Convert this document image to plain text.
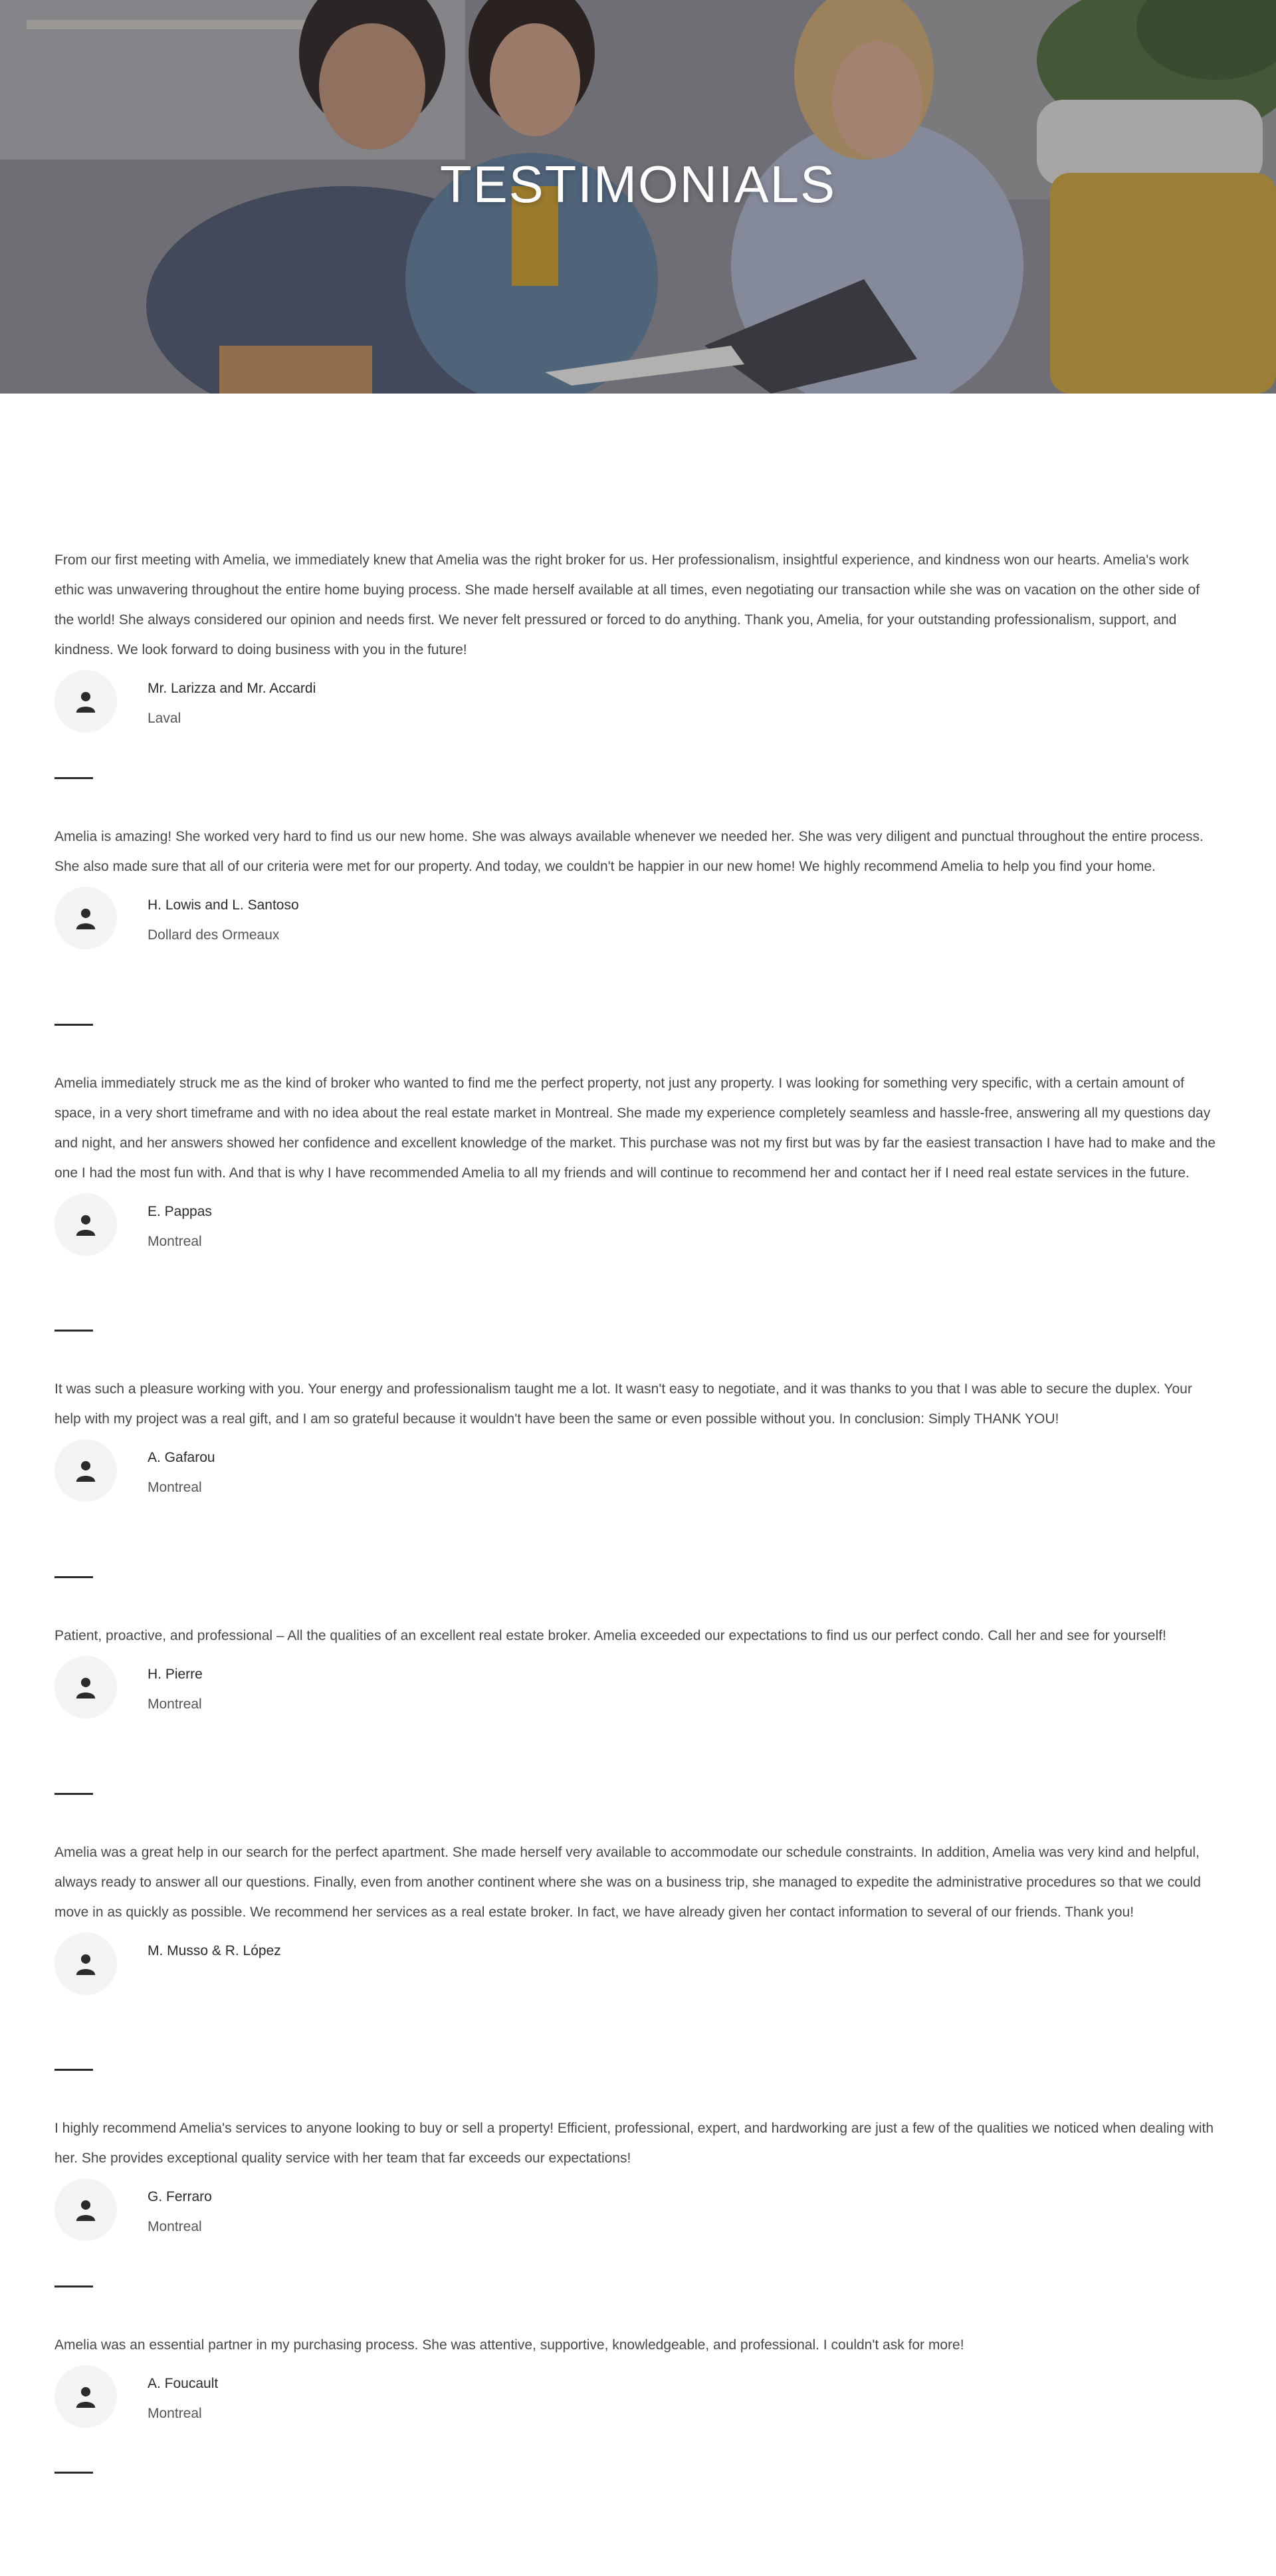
TESTIMONIALS

From our first meeting with Amelia, we immediately knew that Amelia was the right broker for us. Her professionalism, insightful experience, and kindness won our hearts. Amelia's work ethic was unwavering throughout the entire home buying process. She made herself available at all times, even negotiating our transaction while she was on vacation on the other side of the world! She always considered our opinion and needs first. We never felt pressured or forced to do anything. Thank you, Amelia, for your outstanding professionalism, support, and kindness. We look forward to doing business with you in the future!

Mr. Larizza and Mr. Accardi
Laval

Amelia is amazing! She worked very hard to find us our new home. She was always available whenever we needed her. She was very diligent and punctual throughout the entire process. She also made sure that all of our criteria were met for our property. And today, we couldn't be happier in our new home! We highly recommend Amelia to help you find your home.

H. Lowis and L. Santoso
Dollard des Ormeaux

Amelia immediately struck me as the kind of broker who wanted to find me the perfect property, not just any property. I was looking for something very specific, with a certain amount of space, in a very short timeframe and with no idea about the real estate market in Montreal. She made my experience completely seamless and hassle-free, answering all my questions day and night, and her answers showed her confidence and excellent knowledge of the market. This purchase was not my first but was by far the easiest transaction I have had to make and the one I had the most fun with. And that is why I have recommended Amelia to all my friends and will continue to recommend her and contact her if I need real estate services in the future.

E. Pappas
Montreal

It was such a pleasure working with you. Your energy and professionalism taught me a lot. It wasn't easy to negotiate, and it was thanks to you that I was able to secure the duplex. Your help with my project was a real gift, and I am so grateful because it wouldn't have been the same or even possible without you. In conclusion: Simply THANK YOU!

A. Gafarou
Montreal

Patient, proactive, and professional – All the qualities of an excellent real estate broker. Amelia exceeded our expectations to find us our perfect condo. Call her and see for yourself!

H. Pierre
Montreal

Amelia was a great help in our search for the perfect apartment. She made herself very available to accommodate our schedule constraints. In addition, Amelia was very kind and helpful, always ready to answer all our questions. Finally, even from another continent where she was on a business trip, she managed to expedite the administrative procedures so that we could move in as quickly as possible. We recommend her services as a real estate broker. In fact, we have already given her contact information to several of our friends. Thank you!

M. Musso & R. López

I highly recommend Amelia's services to anyone looking to buy or sell a property! Efficient, professional, expert, and hardworking are just a few of the qualities we noticed when dealing with her. She provides exceptional quality service with her team that far exceeds our expectations!

G. Ferraro
Montreal

Amelia was an essential partner in my purchasing process. She was attentive, supportive, knowledgeable, and professional. I couldn't ask for more!

A. Foucault
Montreal
